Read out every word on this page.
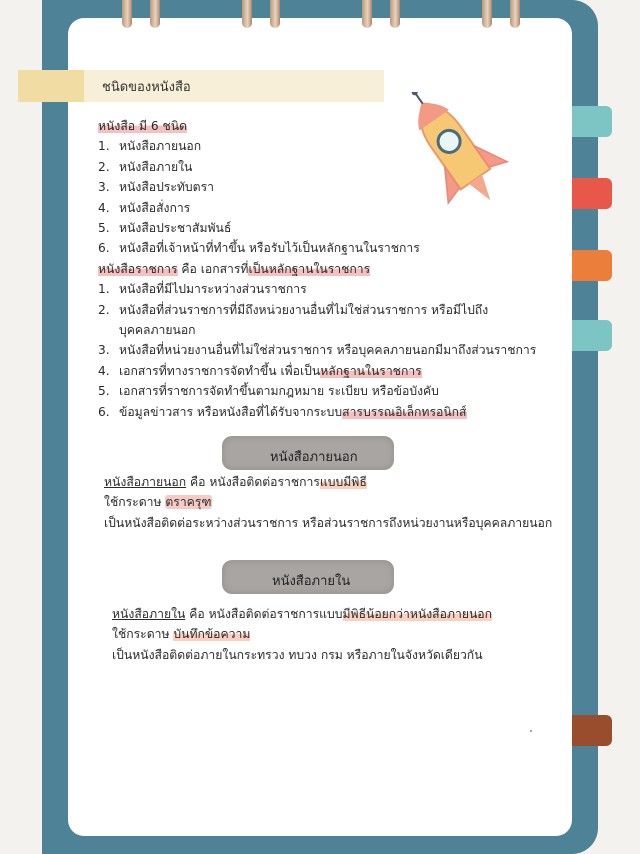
ชนิดของหนังสือ
หนังสือ มี 6 ชนิด
1. หนังสือภายนอก
2. หนังสือภายใน
3. หนังสือประทับตรา
4. หนังสือสั่งการ
5. หนังสือประชาสัมพันธ์
6. หนังสือที่เจ้าหน้าที่ทำขึ้น หรือรับไว้เป็นหลักฐานในราชการ
หนังสือราชการ คือ เอกสารที่เป็นหลักฐานในราชการ
1. หนังสือที่มีไปมาระหว่างส่วนราชการ
2. หนังสือที่ส่วนราชการที่มีถึงหน่วยงานอื่นที่ไม่ใช่ส่วนราชการ หรือมีไปถึง
บุคคลภายนอก
3. หนังสือที่หน่วยงานอื่นที่ไม่ใช่ส่วนราชการ หรือบุคคลภายนอกมีมาถึงส่วนราชการ
4. เอกสารที่ทางราชการจัดทำขึ้น เพื่อเป็นหลักฐานในราชการ
5. เอกสารที่ราชการจัดทำขึ้นตามกฎหมาย ระเบียบ หรือข้อบังคับ
6. ข้อมูลข่าวสาร หรือหนังสือที่ได้รับจากระบบสารบรรณอิเล็กทรอนิกส์
หนังสือภายนอก
หนังสือภายนอก คือ หนังสือติดต่อราชการแบบมีพิธี
ใช้กระดาษ ตราครุฑ
เป็นหนังสือติดต่อระหว่างส่วนราชการ หรือส่วนราชการถึงหน่วยงานหรือบุคคลภายนอก
หนังสือภายใน
หนังสือภายใน คือ หนังสือติดต่อราชการแบบมีพิธีน้อยกว่าหนังสือภายนอก
ใช้กระดาษ บันทึกข้อความ
เป็นหนังสือติดต่อภายในกระทรวง ทบวง กรม หรือภายในจังหวัดเดียวกัน
